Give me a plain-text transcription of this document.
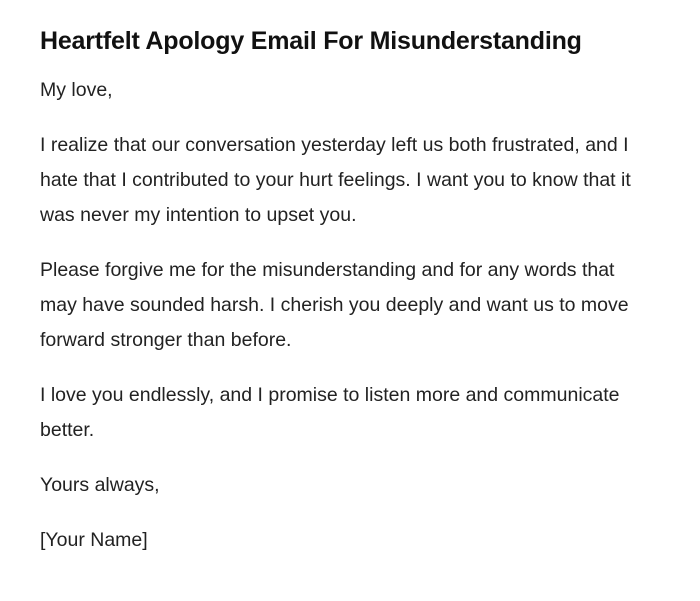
Heartfelt Apology Email For Misunderstanding

My love,

I realize that our conversation yesterday left us both frustrated, and I hate that I contributed to your hurt feelings. I want you to know that it was never my intention to upset you.

Please forgive me for the misunderstanding and for any words that may have sounded harsh. I cherish you deeply and want us to move forward stronger than before.

I love you endlessly, and I promise to listen more and communicate better.

Yours always,

[Your Name]
